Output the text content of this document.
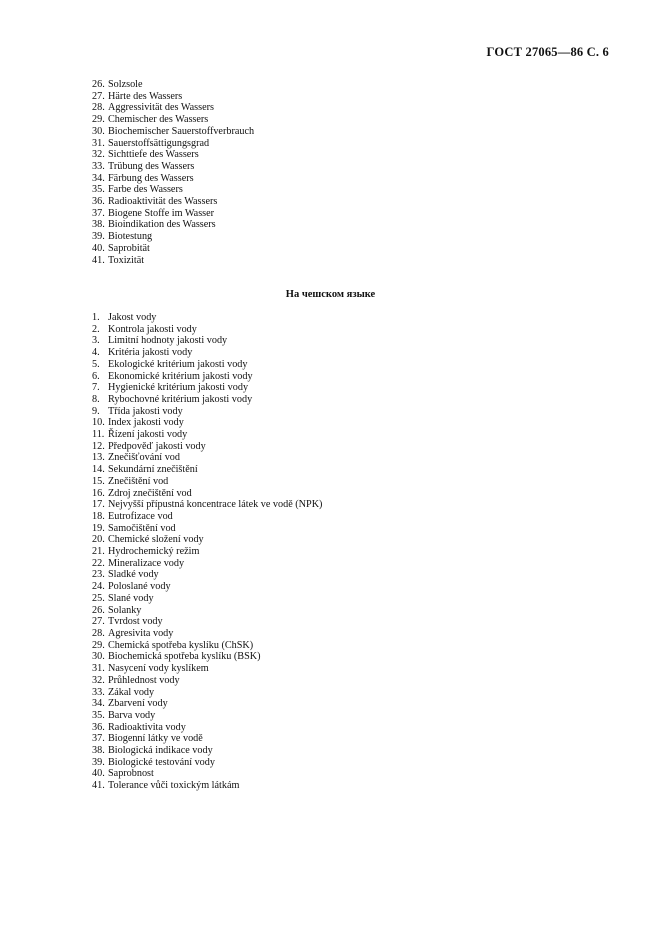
ГОСТ 27065—86 С. 6
26. Solzsole
27. Härte des Wassers
28. Aggressivität des Wassers
29. Chemischer des Wassers
30. Biochemischer Sauerstoffverbrauch
31. Sauerstoffsättigungsgrad
32. Sichttiefe des Wassers
33. Trübung des Wassers
34. Färbung des Wassers
35. Farbe des Wassers
36. Radioaktivität des Wassers
37. Biogene Stoffe im Wasser
38. Bioindikation des Wassers
39. Biotestung
40. Saprobität
41. Toxizität
На чешском языке
1. Jakost vody
2. Kontrola jakosti vody
3. Limitní hodnoty jakosti vody
4. Kritéria jakosti vody
5. Ekologické kritérium jakosti vody
6. Ekonomické kritérium jakosti vody
7. Hygienické kritérium jakosti vody
8. Rybochovné kritérium jakosti vody
9. Třída jakosti vody
10. Index jakosti vody
11. Řízení jakosti vody
12. Předpověď jakosti vody
13. Znečišťování vod
14. Sekundární znečištění
15. Znečištění vod
16. Zdroj znečištění vod
17. Nejvyšší přípustná koncentrace látek ve vodě (NPK)
18. Eutrofizace vod
19. Samočištění vod
20. Chemické složení vody
21. Hydrochemický režim
22. Mineralizace vody
23. Sladké vody
24. Poloslané vody
25. Slané vody
26. Solanky
27. Tvrdost vody
28. Agresivita vody
29. Chemická spotřeba kyslíku (ChSK)
30. Biochemická spotřeba kyslíku (BSK)
31. Nasycení vody kyslíkem
32. Průhlednost vody
33. Zákal vody
34. Zbarvení vody
35. Barva vody
36. Radioaktivita vody
37. Biogenní látky ve vodě
38. Biologická indikace vody
39. Biologické testování vody
40. Saprobnost
41. Tolerance vůči toxickým látkám
